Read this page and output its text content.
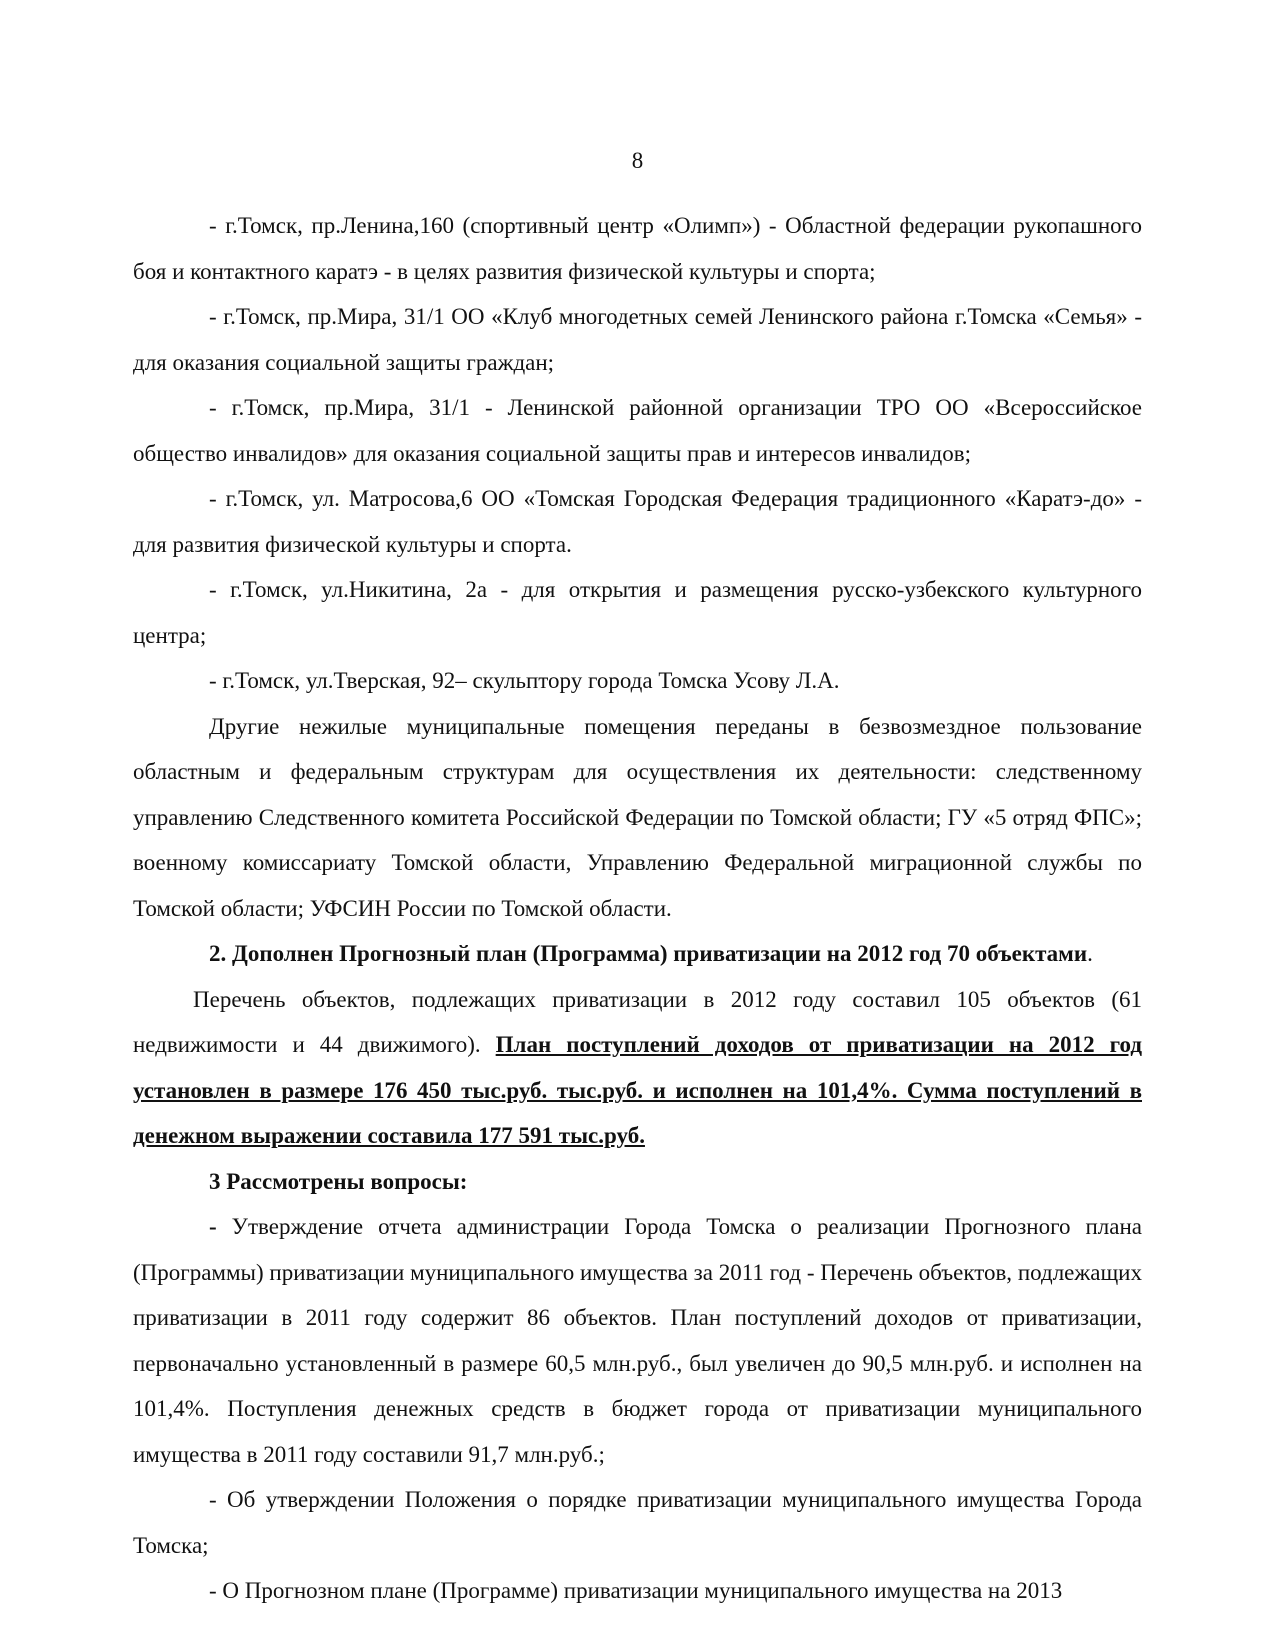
8

- г.Томск, пр.Ленина,160 (спортивный центр «Олимп») - Областной федерации рукопашного боя и контактного каратэ - в целях развития физической культуры и спорта;

- г.Томск, пр.Мира, 31/1 ОО «Клуб многодетных семей Ленинского района г.Томска «Семья» - для оказания социальной защиты граждан;

- г.Томск, пр.Мира, 31/1 - Ленинской районной организации ТРО ОО «Всероссийское общество инвалидов» для оказания социальной защиты прав и интересов инвалидов;

- г.Томск, ул. Матросова,6 ОО «Томская Городская Федерация традиционного «Каратэ-до» - для развития физической культуры и спорта.

- г.Томск, ул.Никитина, 2а - для открытия и размещения русско-узбекского культурного центра;

- г.Томск, ул.Тверская, 92– скульптору города Томска Усову Л.А.

Другие нежилые муниципальные помещения переданы в безвозмездное пользование областным и федеральным структурам для осуществления их деятельности: следственному управлению Следственного комитета Российской Федерации по Томской области; ГУ «5 отряд ФПС»; военному комиссариату Томской области, Управлению Федеральной миграционной службы по Томской области; УФСИН России по Томской области.

2. Дополнен Прогнозный план (Программа) приватизации на 2012 год 70 объектами.

Перечень объектов, подлежащих приватизации в 2012 году составил 105 объектов (61 недвижимости и 44 движимого). План поступлений доходов от приватизации на 2012 год установлен в размере 176 450 тыс.руб. тыс.руб. и исполнен на 101,4%. Сумма поступлений в денежном выражении составила 177 591 тыс.руб.

3 Рассмотрены вопросы:

- Утверждение отчета администрации Города Томска о реализации Прогнозного плана (Программы) приватизации муниципального имущества за 2011 год - Перечень объектов, подлежащих приватизации в 2011 году содержит 86 объектов. План поступлений доходов от приватизации, первоначально установленный в размере 60,5 млн.руб., был увеличен до 90,5 млн.руб. и исполнен на 101,4%. Поступления денежных средств в бюджет города от приватизации муниципального имущества в 2011 году составили 91,7 млн.руб.;

- Об утверждении Положения о порядке приватизации муниципального имущества Города Томска;

- О Прогнозном плане (Программе) приватизации муниципального имущества на 2013
